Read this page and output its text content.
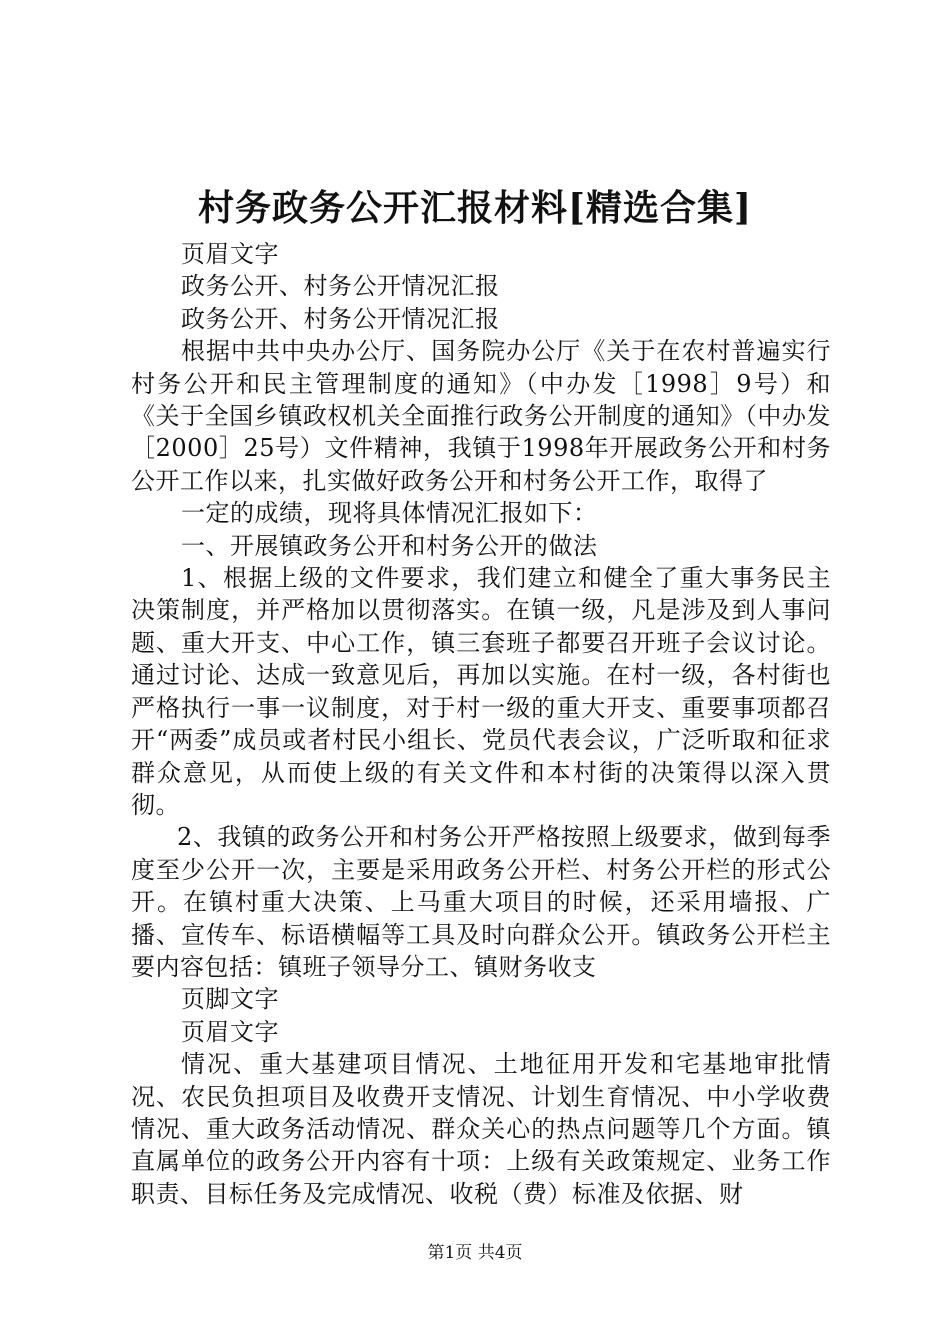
村务政务公开汇报材料[精选合集]

页眉文字

政务公开、村务公开情况汇报

政务公开、村务公开情况汇报

根据中共中央办公厅、国务院办公厅《关于在农村普遍实行村务公开和民主管理制度的通知》（中办发［1998］9号）和《关于全国乡镇政权机关全面推行政务公开制度的通知》（中办发［2000］25号）文件精神，我镇于1998年开展政务公开和村务公开工作以来，扎实做好政务公开和村务公开工作，取得了

一定的成绩，现将具体情况汇报如下：

一、开展镇政务公开和村务公开的做法

1、根据上级的文件要求，我们建立和健全了重大事务民主决策制度，并严格加以贯彻落实。在镇一级，凡是涉及到人事问题、重大开支、中心工作，镇三套班子都要召开班子会议讨论。通过讨论、达成一致意见后，再加以实施。在村一级，各村街也严格执行一事一议制度，对于村一级的重大开支、重要事项都召开“两委”成员或者村民小组长、党员代表会议，广泛听取和征求群众意见，从而使上级的有关文件和本村街的决策得以深入贯彻。

2、我镇的政务公开和村务公开严格按照上级要求，做到每季度至少公开一次，主要是采用政务公开栏、村务公开栏的形式公开。在镇村重大决策、上马重大项目的时候，还采用墙报、广播、宣传车、标语横幅等工具及时向群众公开。镇政务公开栏主要内容包括：镇班子领导分工、镇财务收支

页脚文字

页眉文字

情况、重大基建项目情况、土地征用开发和宅基地审批情况、农民负担项目及收费开支情况、计划生育情况、中小学收费情况、重大政务活动情况、群众关心的热点问题等几个方面。镇直属单位的政务公开内容有十项：上级有关政策规定、业务工作职责、目标任务及完成情况、收税（费）标准及依据、财

第1页 共4页
